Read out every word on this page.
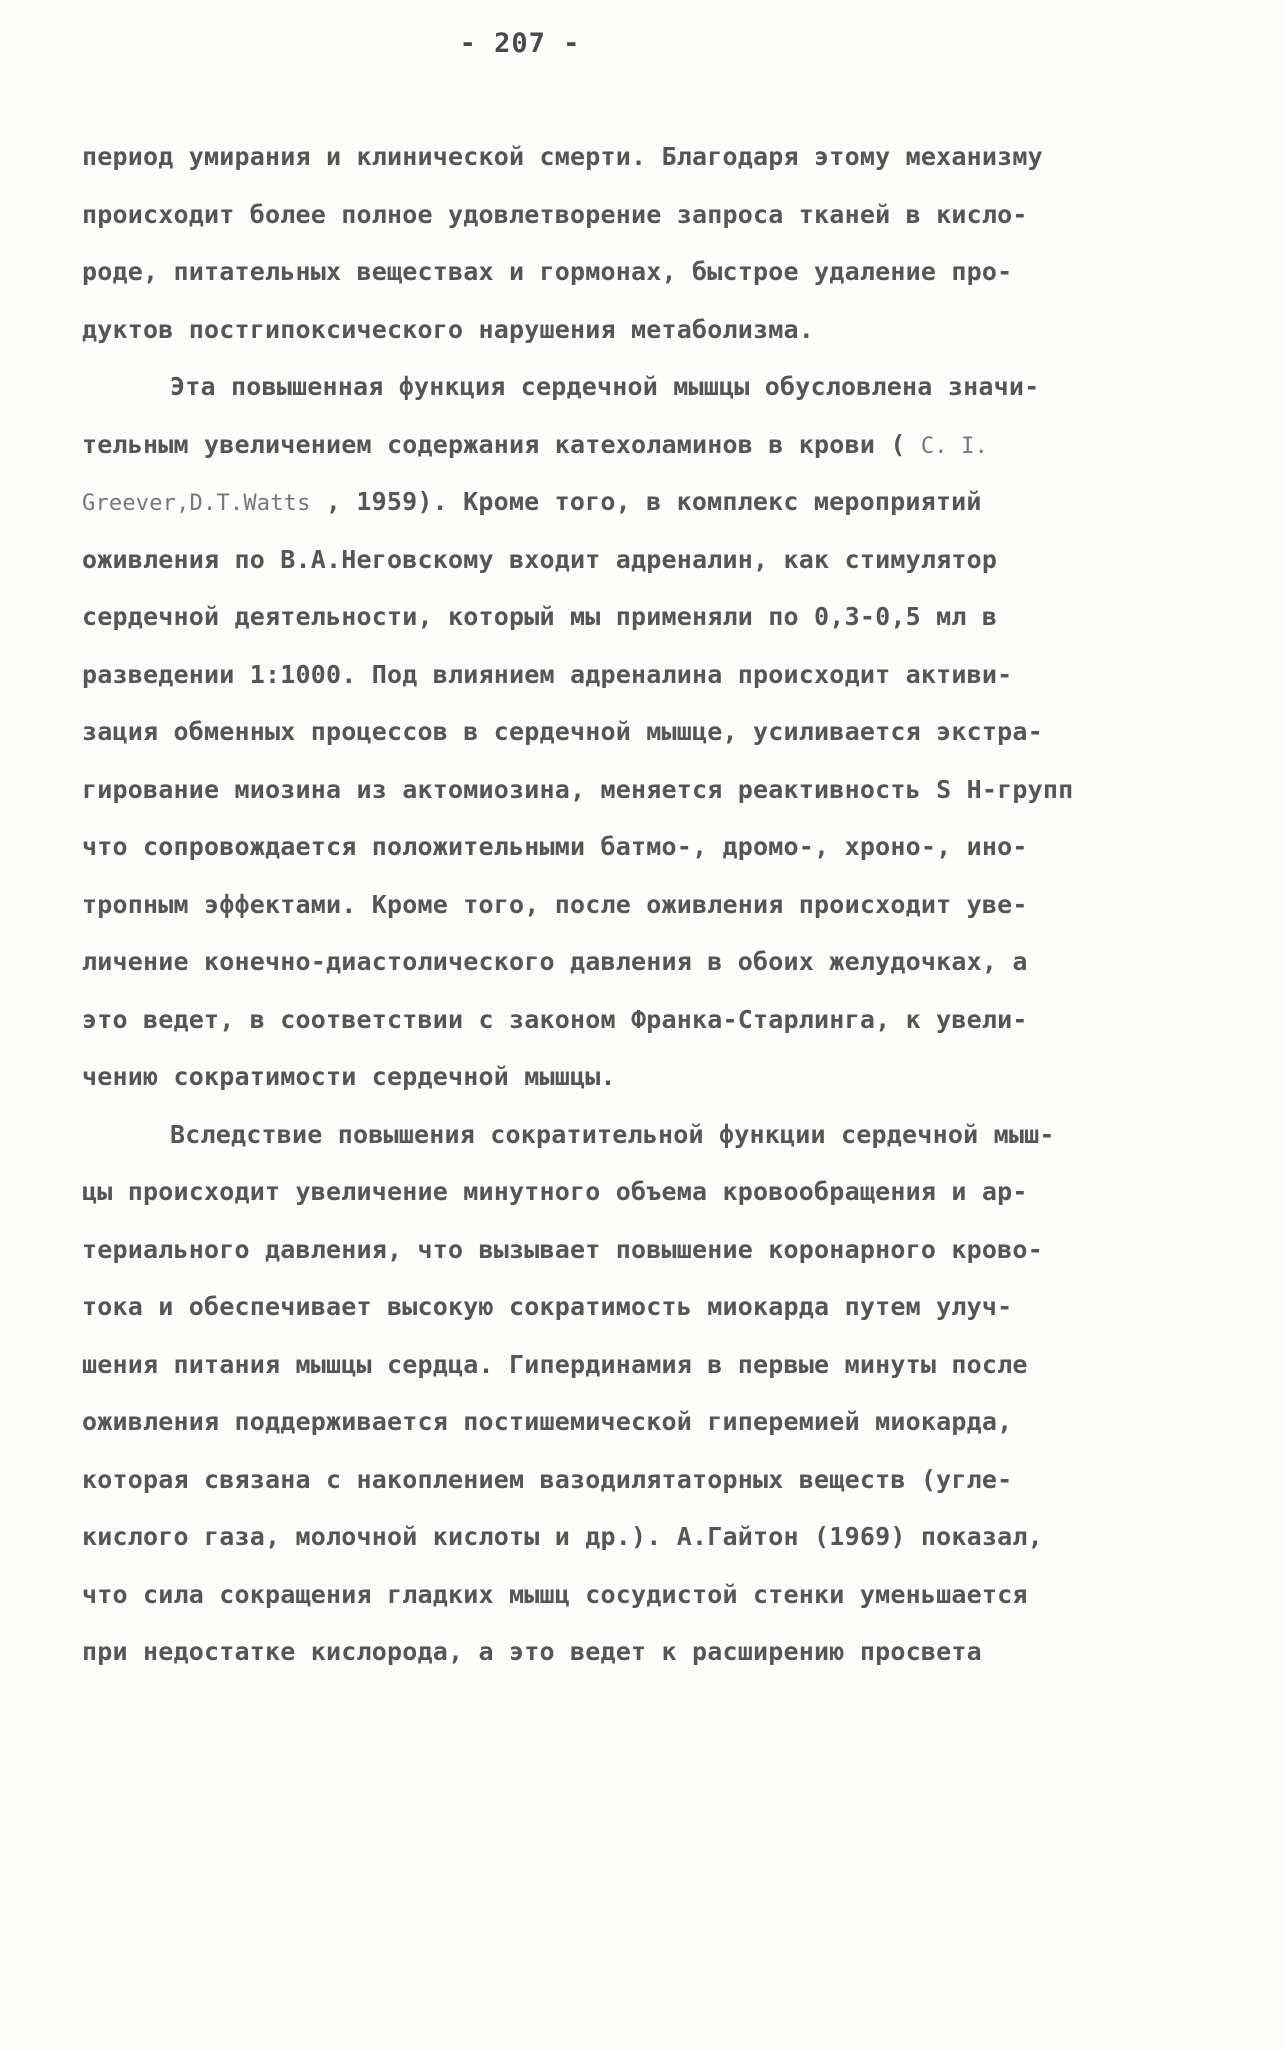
- 207 -
период умирания и клинической смерти. Благодаря этому механизму
происходит более полное удовлетворение запроса тканей в кисло-
роде, питательных веществах и гормонах, быстрое удаление про-
дуктов постгипоксического нарушения метаболизма.
Эта повышенная функция сердечной мышцы обусловлена значи-
тельным увеличением содержания катехоламинов в крови ( C. I.
Greever,D.T.Watts , 1959). Кроме того, в комплекс мероприятий
оживления по В.А.Неговскому входит адреналин, как стимулятор
сердечной деятельности, который мы применяли по 0,3-0,5 мл в
разведении 1:1000. Под влиянием адреналина происходит активи-
зация обменных процессов в сердечной мышце, усиливается экстра-
гирование миозина из актомиозина, меняется реактивность S Н-групп
что сопровождается положительными батмо-, дромо-, хроно-, ино-
тропным эффектами. Кроме того, после оживления происходит уве-
личение конечно-диастолического давления в обоих желудочках, а
это ведет, в соответствии с законом Франка-Старлинга, к увели-
чению сократимости сердечной мышцы.
Вследствие повышения сократительной функции сердечной мыш-
цы происходит увеличение минутного объема кровообращения и ар-
териального давления, что вызывает повышение коронарного крово-
тока и обеспечивает высокую сократимость миокарда путем улуч-
шения питания мышцы сердца. Гипердинамия в первые минуты после
оживления поддерживается постишемической гиперемией миокарда,
которая связана с накоплением вазодилятаторных веществ (угле-
кислого газа, молочной кислоты и др.). А.Гайтон (1969) показал,
что сила сокращения гладких мышц сосудистой стенки уменьшается
при недостатке кислорода, а это ведет к расширению просвета
